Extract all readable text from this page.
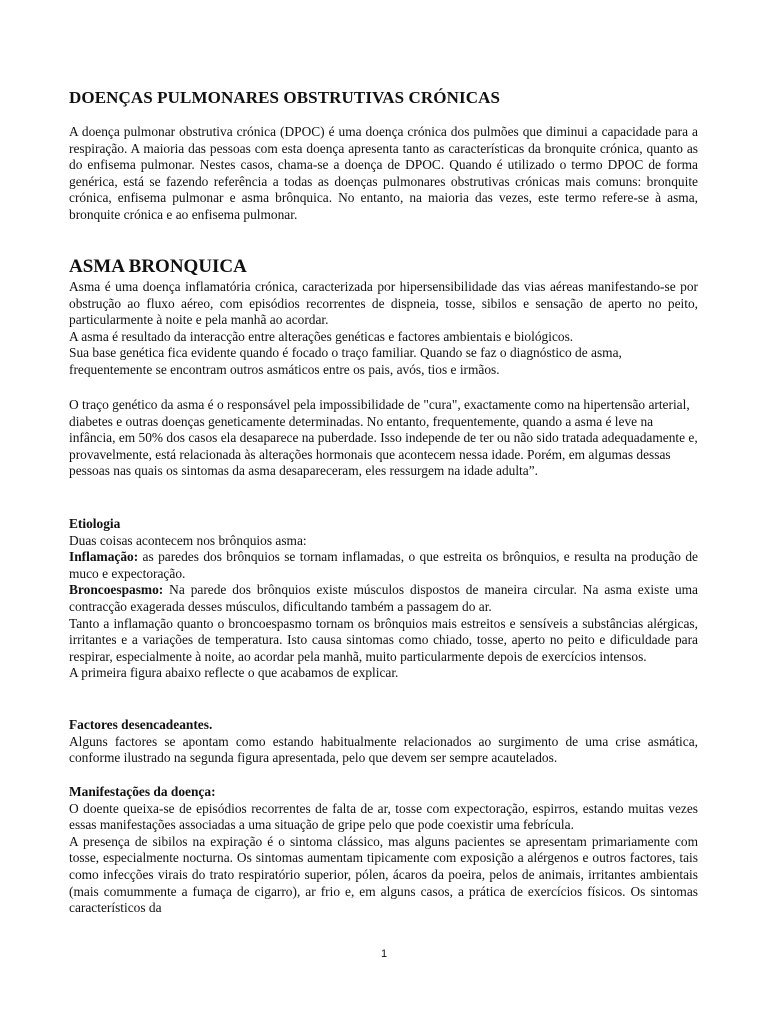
DOENÇAS PULMONARES OBSTRUTIVAS CRÓNICAS

A doença pulmonar obstrutiva crónica (DPOC) é uma doença crónica dos pulmões que diminui a capacidade para a respiração. A maioria das pessoas com esta doença apresenta tanto as características da bronquite crónica, quanto as do enfisema pulmonar. Nestes casos, chama-se a doença de DPOC. Quando é utilizado o termo DPOC de forma genérica, está se fazendo referência a todas as doenças pulmonares obstrutivas crónicas mais comuns: bronquite crónica, enfisema pulmonar e asma brônquica. No entanto, na maioria das vezes, este termo refere-se à asma, bronquite crónica e ao enfisema pulmonar.

ASMA BRONQUICA

Asma é uma doença inflamatória crónica, caracterizada por hipersensibilidade das vias aéreas manifestando-se por obstrução ao fluxo aéreo, com episódios recorrentes de dispneia, tosse, sibilos e sensação de aperto no peito, particularmente à noite e pela manhã ao acordar.

A asma é resultado da interacção entre alterações genéticas e factores ambientais e biológicos.

Sua base genética fica evidente quando é focado o traço familiar. Quando se faz o diagnóstico de asma, frequentemente se encontram outros asmáticos entre os pais, avós, tios e irmãos.

O traço genético da asma é o responsável pela impossibilidade de "cura", exactamente como na hipertensão arterial, diabetes e outras doenças geneticamente determinadas. No entanto, frequentemente, quando a asma é leve na infância, em 50% dos casos ela desaparece na puberdade. Isso independe de ter ou não sido tratada adequadamente e, provavelmente, está relacionada às alterações hormonais que acontecem nessa idade. Porém, em algumas dessas pessoas nas quais os sintomas da asma desapareceram, eles ressurgem na idade adulta”.

Etiologia

Duas coisas acontecem nos brônquios asma:

Inflamação: as paredes dos brônquios se tornam inflamadas, o que estreita os brônquios, e resulta na produção de muco e expectoração.

Broncoespasmo: Na parede dos brônquios existe músculos dispostos de maneira circular. Na asma existe uma contracção exagerada desses músculos, dificultando também a passagem do ar.

Tanto a inflamação quanto o broncoespasmo tornam os brônquios mais estreitos e sensíveis a substâncias alérgicas, irritantes e a variações de temperatura. Isto causa sintomas como chiado, tosse, aperto no peito e dificuldade para respirar, especialmente à noite, ao acordar pela manhã, muito particularmente depois de exercícios intensos.

A primeira figura abaixo reflecte o que acabamos de explicar.

Factores desencadeantes.

Alguns factores se apontam como estando habitualmente relacionados ao surgimento de uma crise asmática, conforme ilustrado na segunda figura apresentada, pelo que devem ser sempre acautelados.

Manifestações da doença:

O doente queixa-se de episódios recorrentes de falta de ar, tosse com expectoração, espirros, estando muitas vezes essas manifestações associadas a uma situação de gripe pelo que pode coexistir uma febrícula.

A presença de sibilos na expiração é o sintoma clássico, mas alguns pacientes se apresentam primariamente com tosse, especialmente nocturna. Os sintomas aumentam tipicamente com exposição a alérgenos e outros factores, tais como infecções virais do trato respiratório superior, pólen, ácaros da poeira, pelos de animais, irritantes ambientais (mais comummente a fumaça de cigarro), ar frio e, em alguns casos, a prática de exercícios físicos. Os sintomas característicos da

1
